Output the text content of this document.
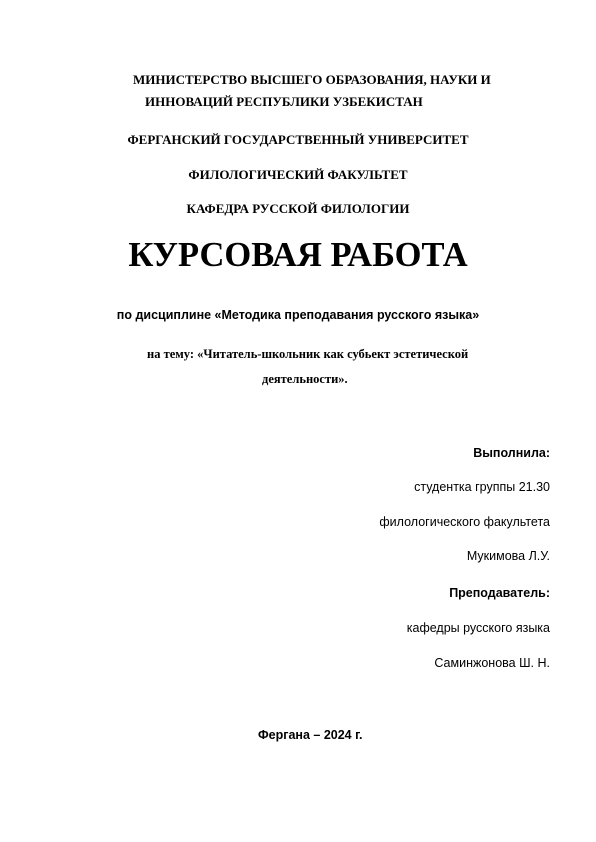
МИНИСТЕРСТВО ВЫСШЕГО ОБРАЗОВАНИЯ, НАУКИ И

ИННОВАЦИЙ РЕСПУБЛИКИ УЗБЕКИСТАН

ФЕРГАНСКИЙ ГОСУДАРСТВЕННЫЙ УНИВЕРСИТЕТ

ФИЛОЛОГИЧЕСКИЙ ФАКУЛЬТЕТ

КАФЕДРА РУССКОЙ ФИЛОЛОГИИ

КУРСОВАЯ РАБОТА

по дисциплине «Методика преподавания русского языка»

на тему: «Читатель-школьник как субьект эстетической

деятельности».

Выполнила:

студентка группы 21.30

филологического факультета

Мукимова Л.У.

Преподаватель:

кафедры русского языка

Саминжонова Ш. Н.

Фергана – 2024 г.
